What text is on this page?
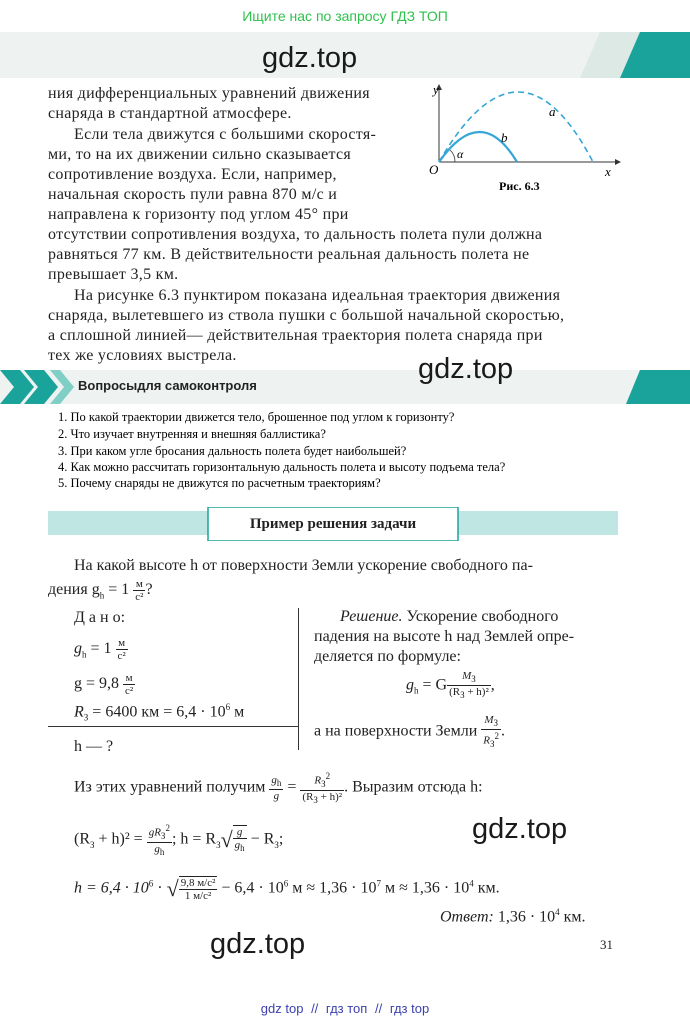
Ищите нас по запросу ГДЗ ТОП
gdz.top
ния дифференциальных уравнений движения
снаряда в стандартной атмосфере.
Если тела движутся с большими скоростя-
ми, то на их движении сильно сказывается
сопротивление воздуха. Если, например,
начальная скорость пули равна 870 м/с и
направлена к горизонту под углом 45° при
отсутствии сопротивления воздуха, то дальность полета пули должна
равняться 77 км. В действительности реальная дальность полета не
превышает 3,5 км.
На рисунке 6.3 пунктиром показана идеальная траектория движения
снаряда, вылетевшего из ствола пушки с большой начальной скоростью,
а сплошной линией— действительная траектория полета снаряда при
тех же условиях выстрела.
y
x
O
a
b
α
Рис. 6.3
Вопросыдля самоконтроля
gdz.top
1. По какой траектории движется тело, брошенное под углом к горизонту?
2. Что изучает внутренняя и внешняя баллистика?
3. При каком угле бросания дальность полета будет наибольшей?
4. Как можно рассчитать горизонтальную дальность полета и высоту подъема тела?
5. Почему снаряды не движутся по расчетным траекториям?
Пример решения задачи
На какой высоте h от поверхности Земли ускорение свободного па-
дения $g_h = 1 \frac{м}{\text{с²}}$ ?
Д а н о:
$g_h = 1 \frac{м}{\text{с²}}$
$g = 9,8 \frac{м}{\text{с²}}$
$R_З = 6400$ км = $6,4 \cdot 10^6$ м
h — ?
Решение. Ускорение свободного
падения на высоте h над Землей опре-
деляется по формуле:
$g_h = G \frac{M_З}{(R_З + h)^2}$ ,
а на поверхности Земли $\frac{M_З}{R_З^2}$ .
Из этих уравнений получим $\frac{g_h}{g} = \frac{R_З^2}{(R_З + h)^2}$ . Выразим отсюда h:
$(R_З + h)^2 = \frac{gR_З^2}{g_h}$ ; $h = R_З√ \frac{g}{g_h} - R_З$;	gdz.top
$h = 6,4 \cdot 10^6$ · √ $\frac{\text{9,8 м/с²}}{\text{1 м/с²}} - 6,4 \cdot 10^6$ $м \approx 1,36 \cdot 10^7$ $м \approx 1,36 \cdot 10^4$ км.
Ответ: $1,36 \cdot 10^4$ км.
gdz.top	31
gdz top // гдз топ // гдз top
